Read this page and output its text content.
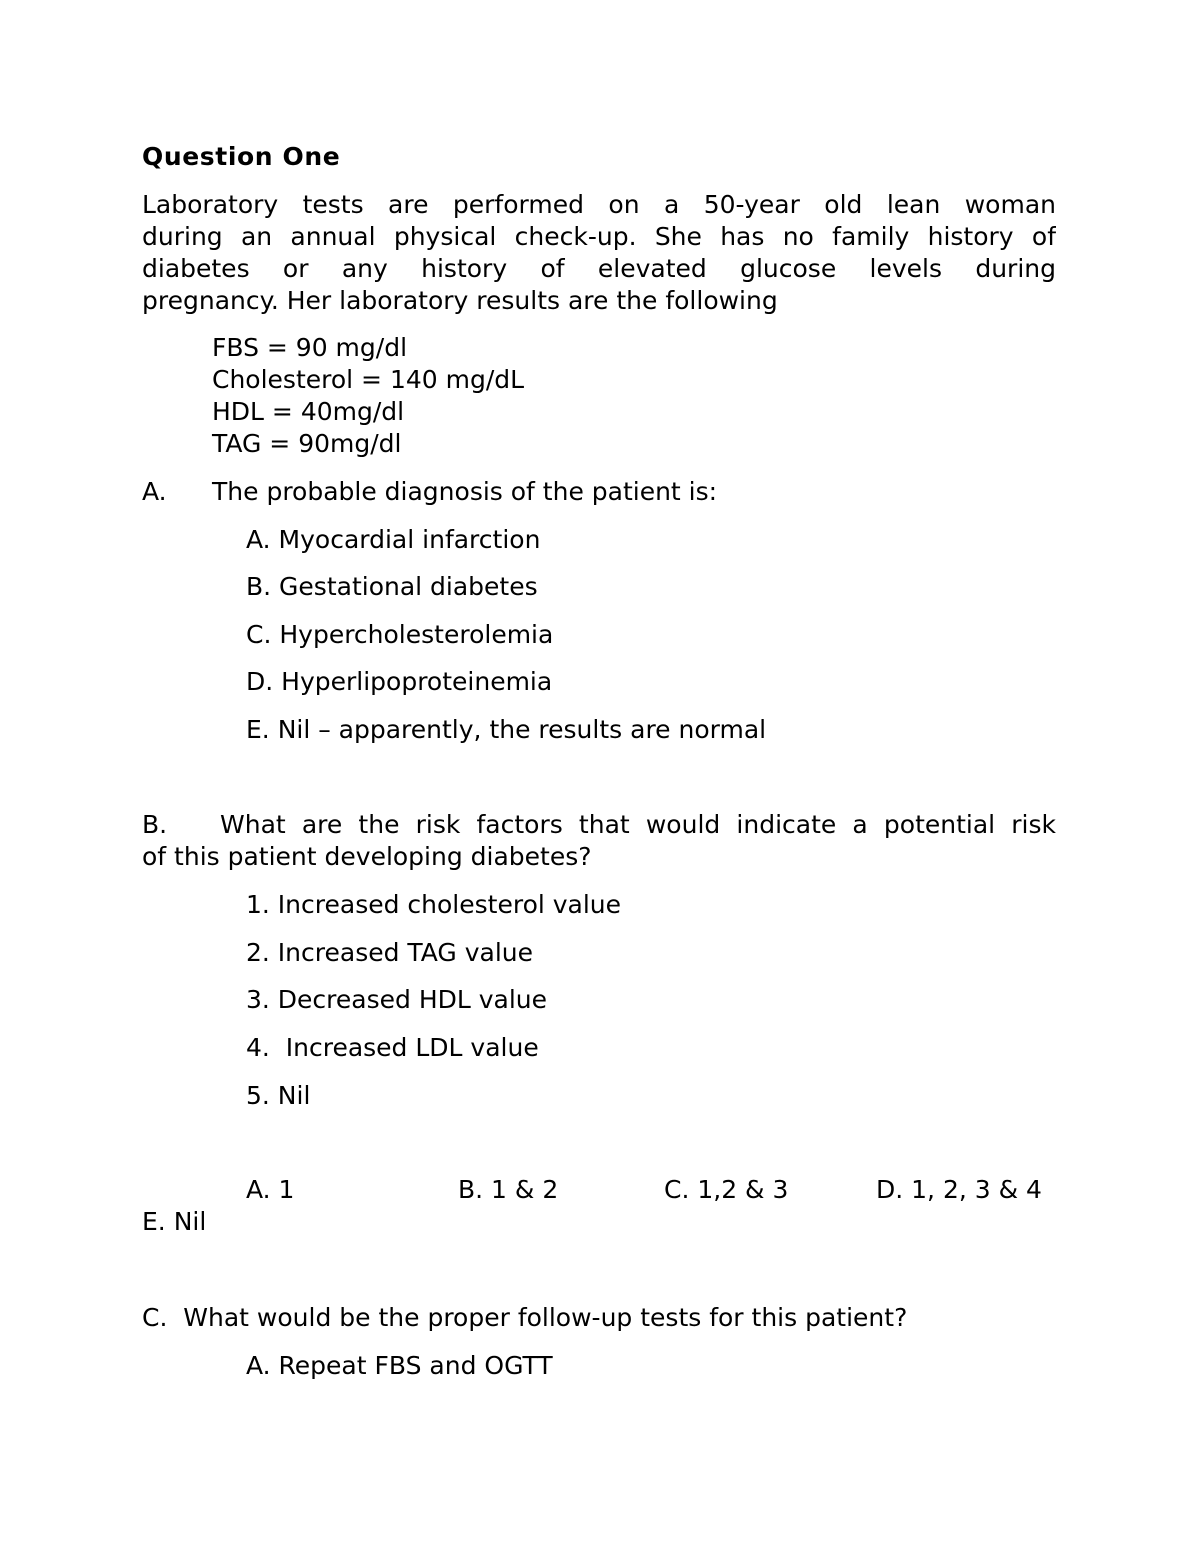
Question One
Laboratory tests are performed on a 50-year old lean woman
during an annual physical check-up. She has no family history of
diabetes or any history of elevated glucose levels during
pregnancy. Her laboratory results are the following
FBS = 90 mg/dl
Cholesterol = 140 mg/dL
HDL = 40mg/dl
TAG = 90mg/dl
A. The probable diagnosis of the patient is:
A. Myocardial infarction
B. Gestational diabetes
C. Hypercholesterolemia
D. Hyperlipoproteinemia
E. Nil – apparently, the results are normal
B. What are the risk factors that would indicate a potential risk
of this patient developing diabetes?
1. Increased cholesterol value
2. Increased TAG value
3. Decreased HDL value
4.  Increased LDL value
5. Nil
A. 1	B. 1 & 2	C. 1,2 & 3	D. 1, 2, 3 & 4
E. Nil
C.  What would be the proper follow-up tests for this patient?
A. Repeat FBS and OGTT
